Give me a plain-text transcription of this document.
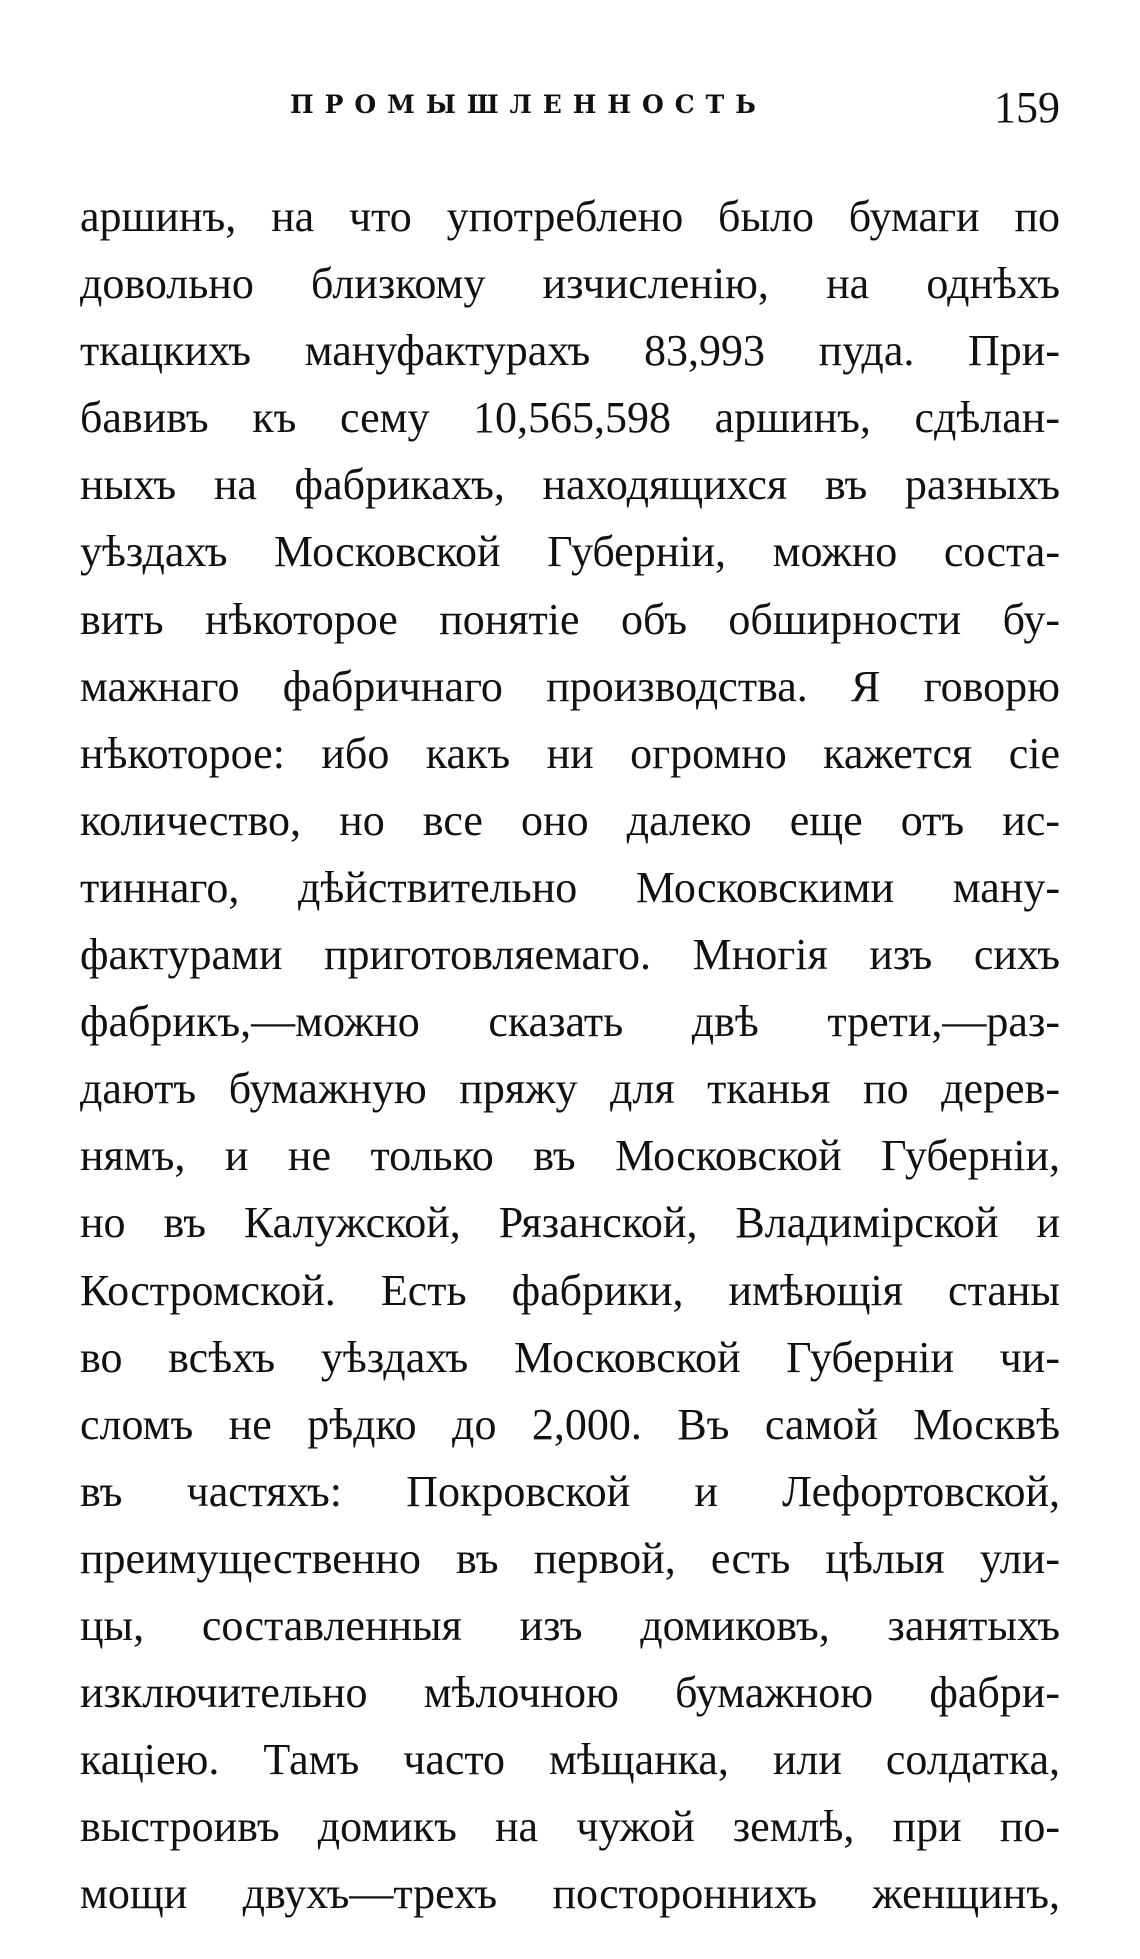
ПРОМЫШЛЕННОСТЬ	159
аршинъ, на что употреблено было бумаги по
довольно близкому изчисленію, на однѣхъ
ткацкихъ мануфактурахъ 83,993 пуда. При-
бавивъ къ сему 10,565,598 аршинъ, сдѣлан-
ныхъ на фабрикахъ, находящихся въ разныхъ
уѣздахъ Московской Губерніи, можно соста-
вить нѣкоторое понятіе объ обширности бу-
мажнаго фабричнаго производства. Я говорю
нѣкоторое: ибо какъ ни огромно кажется сіе
количество, но все оно далеко еще отъ ис-
тиннаго, дѣйствительно Московскими ману-
фактурами приготовляемаго. Многія изъ сихъ
фабрикъ,—можно сказать двѣ трети,—раз-
даютъ бумажную пряжу для тканья по дерев-
нямъ, и не только въ Московской Губерніи,
но въ Калужской, Рязанской, Владимірской и
Костромской. Есть фабрики, имѣющія станы
во всѣхъ уѣздахъ Московской Губерніи чи-
сломъ не рѣдко до 2,000. Въ самой Москвѣ
въ частяхъ: Покровской и Лефортовской,
преимущественно въ первой, есть цѣлыя ули-
цы, составленныя изъ домиковъ, занятыхъ
изключительно мѣлочною бумажною фабри-
каціею. Тамъ часто мѣщанка, или солдатка,
выстроивъ домикъ на чужой землѣ, при по-
мощи двухъ—трехъ постороннихъ женщинъ,
